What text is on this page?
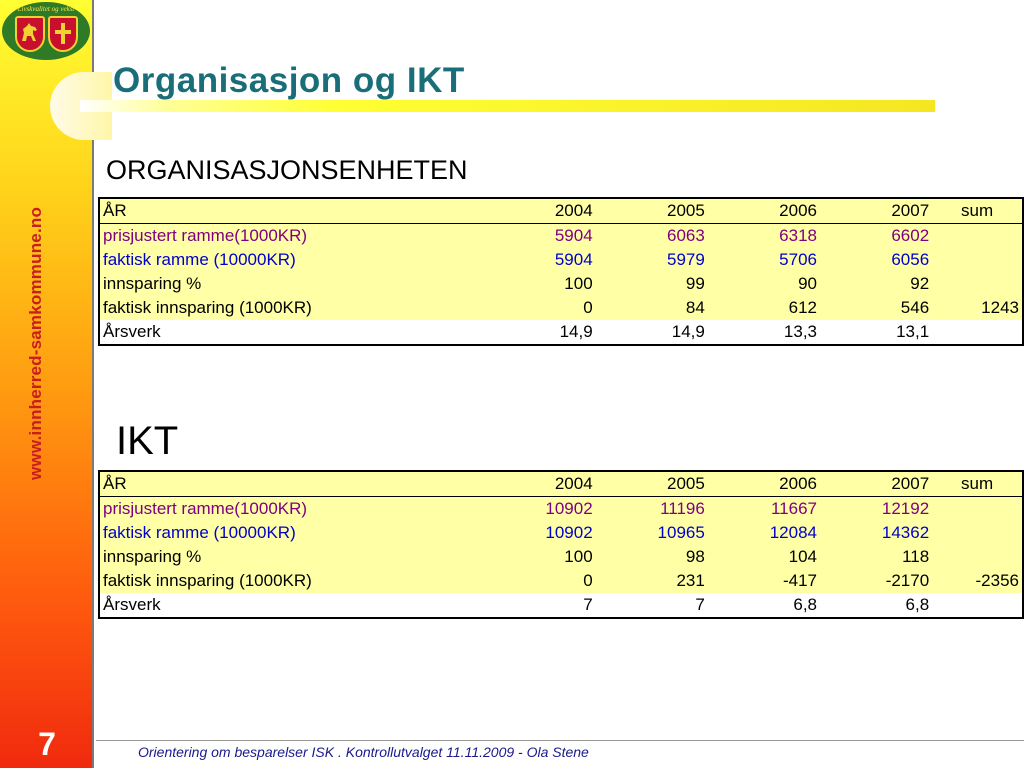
Livskvalitet og vekst
www.innherred-samkommune.no
7
Organisasjon og IKT
ORGANISASJONSENHETEN
ÅR	2004	2005	2006	2007	sum
prisjustert ramme(1000KR)	5904	6063	6318	6602	
faktisk ramme (10000KR)	5904	5979	5706	6056	
innsparing %	100	99	90	92	
faktisk innsparing (1000KR)	0	84	612	546	1243
Årsverk	14,9	14,9	13,3	13,1	
IKT
ÅR	2004	2005	2006	2007	sum
prisjustert ramme(1000KR)	10902	11196	11667	12192	
faktisk ramme (10000KR)	10902	10965	12084	14362	
innsparing %	100	98	104	118	
faktisk innsparing (1000KR)	0	231	-417	-2170	-2356
Årsverk	7	7	6,8	6,8	
Orientering om besparelser ISK . Kontrollutvalget 11.11.2009 - Ola Stene
